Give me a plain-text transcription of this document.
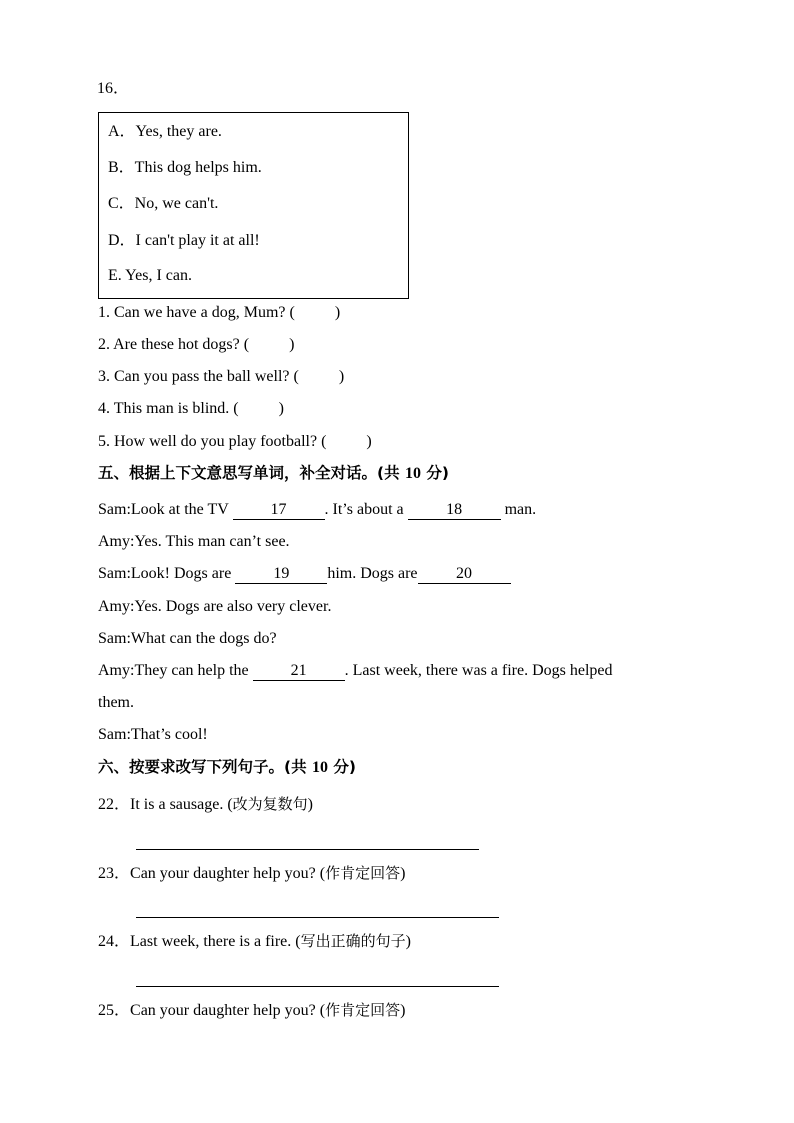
16．
A．Yes, they are.
B．This dog helps him.
C．No, we can't.
D．I can't play it at all!
E. Yes, I can.
1. Can we have a dog, Mum? (          )
2. Are these hot dogs? (          )
3. Can you pass the ball well? (          )
4. This man is blind. (          )
5. How well do you play football? (          )
五、根据上下文意思写单词，补全对话。(共 10 分)
Sam:Look at the TV 17 . It’s about a 18 man.
Amy:Yes. This man can’t see.
Sam:Look! Dogs are 19 him. Dogs are 20
Amy:Yes. Dogs are also very clever.
Sam:What can the dogs do?
Amy:They can help the 21 . Last week, there was a fire. Dogs helped
them.
Sam:That’s cool!
六、按要求改写下列句子。(共 10 分)
22．It is a sausage. (改为复数句)
23．Can your daughter help you? (作肯定回答)
24．Last week, there is a fire. (写出正确的句子)
25．Can your daughter help you? (作肯定回答)
